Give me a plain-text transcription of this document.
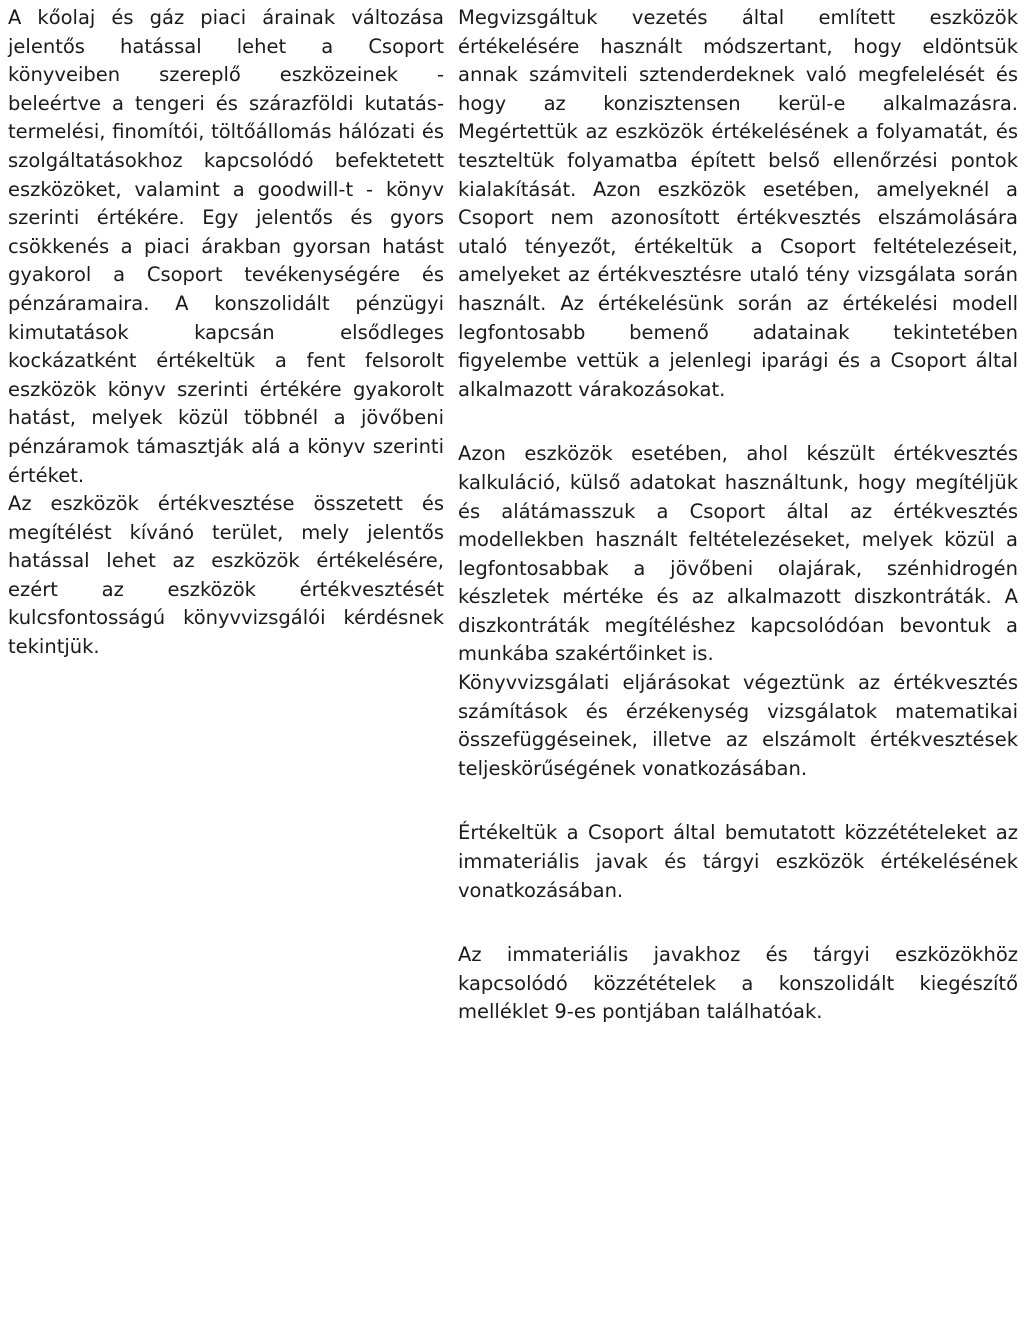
A kőolaj és gáz piaci árainak változása jelentős hatással lehet a Csoport könyveiben szereplő eszközeinek - beleértve a tengeri és szárazföldi kutatás-termelési, finomítói, töltőállomás hálózati és szolgáltatásokhoz kapcsolódó befektetett eszközöket, valamint a goodwill-t - könyv szerinti értékére. Egy jelentős és gyors csökkenés a piaci árakban gyorsan hatást gyakorol a Csoport tevékenységére és pénzáramaira. A konszolidált pénzügyi kimutatások kapcsán elsődleges kockázatként értékeltük a fent felsorolt eszközök könyv szerinti értékére gyakorolt hatást, melyek közül többnél a jövőbeni pénzáramok támasztják alá a könyv szerinti értéket.

Az eszközök értékvesztése összetett és megítélést kívánó terület, mely jelentős hatással lehet az eszközök értékelésére, ezért az eszközök értékvesztését kulcsfontosságú könyvvizsgálói kérdésnek tekintjük.

Megvizsgáltuk vezetés által említett eszközök értékelésére használt módszertant, hogy eldöntsük annak számviteli sztenderdeknek való megfelelését és hogy az konzisztensen kerül-e alkalmazásra. Megértettük az eszközök értékelésének a folyamatát, és teszteltük folyamatba épített belső ellenőrzési pontok kialakítását. Azon eszközök esetében, amelyeknél a Csoport nem azonosított értékvesztés elszámolására utaló tényezőt, értékeltük a Csoport feltételezéseit, amelyeket az értékvesztésre utaló tény vizsgálata során használt. Az értékelésünk során az értékelési modell legfontosabb bemenő adatainak tekintetében figyelembe vettük a jelenlegi iparági és a Csoport által alkalmazott várakozásokat.

Azon eszközök esetében, ahol készült értékvesztés kalkuláció, külső adatokat használtunk, hogy megítéljük és alátámasszuk a Csoport által az értékvesztés modellekben használt feltételezéseket, melyek közül a legfontosabbak a jövőbeni olajárak, szénhidrogén készletek mértéke és az alkalmazott diszkontráták. A diszkontráták megítéléshez kapcsolódóan bevontuk a munkába szakértőinket is.

Könyvvizsgálati eljárásokat végeztünk az értékvesztés számítások és érzékenység vizsgálatok matematikai összefüggéseinek, illetve az elszámolt értékvesztések teljeskörűségének vonatkozásában.

Értékeltük a Csoport által bemutatott közzétételeket az immateriális javak és tárgyi eszközök értékelésének vonatkozásában.

Az immateriális javakhoz és tárgyi eszközökhöz kapcsolódó közzétételek a konszolidált kiegészítő melléklet 9-es pontjában találhatóak.
